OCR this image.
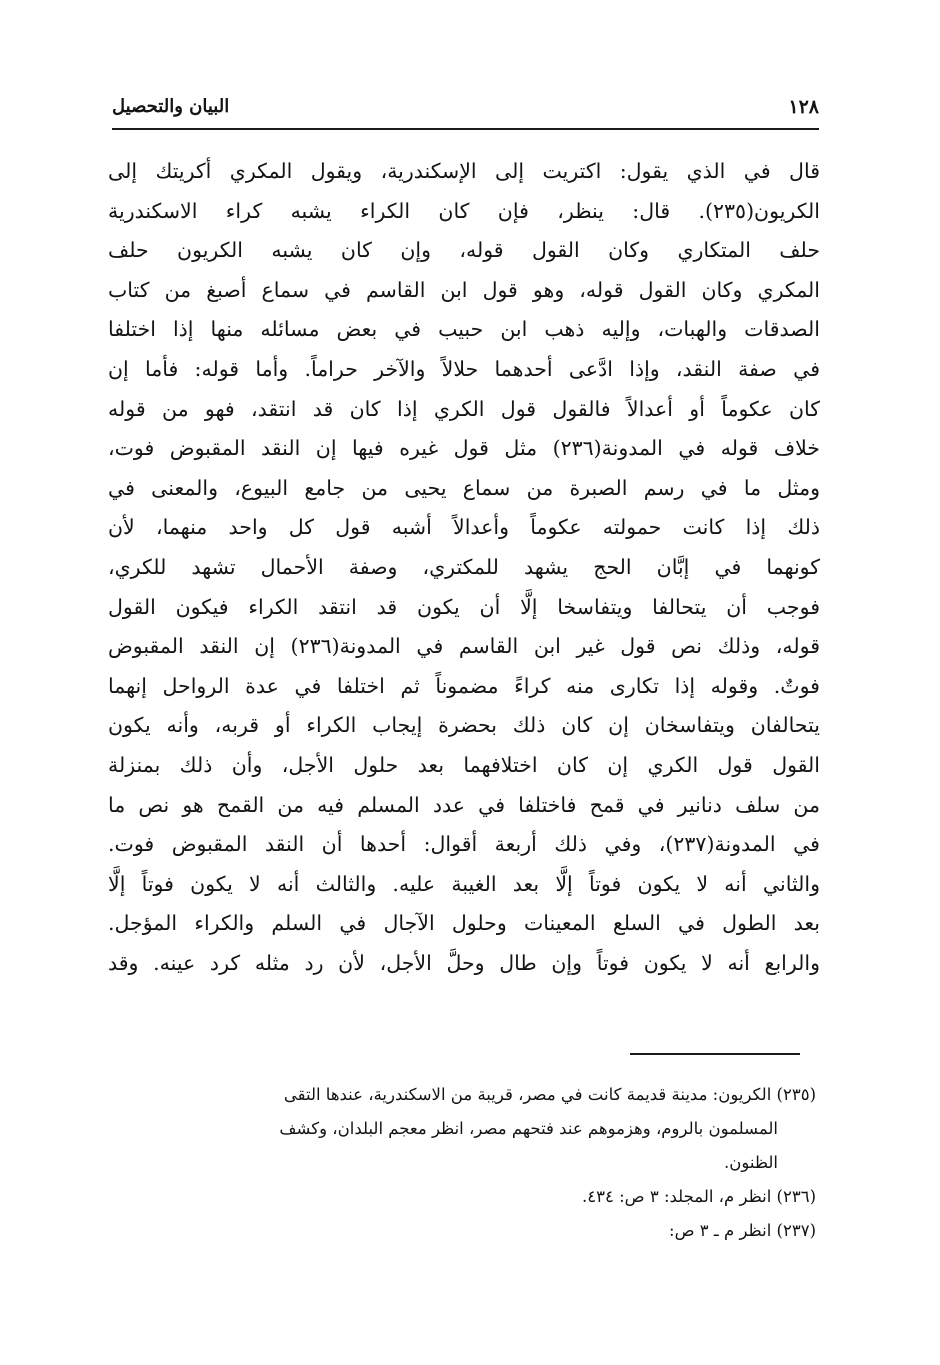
البيان والتحصيل	١٢٨
قال في الذي يقول: اكتريت إلى الإسكندرية، ويقول المكري أكريتك إلى
الكريون(٢٣٥). قال: ينظر، فإن كان الكراء يشبه كراء الاسكندرية
حلف المتكاري وكان القول قوله، وإن كان يشبه الكريون حلف
المكري وكان القول قوله، وهو قول ابن القاسم في سماع أصبغ من كتاب
الصدقات والهبات، وإليه ذهب ابن حبيب في بعض مسائله منها إذا اختلفا
في صفة النقد، وإذا ادَّعى أحدهما حلالاً والآخر حراماً. وأما قوله: فأما إن
كان عكوماً أو أعدالاً فالقول قول الكري إذا كان قد انتقد، فهو من قوله
خلاف قوله في المدونة(٢٣٦) مثل قول غيره فيها إن النقد المقبوض فوت،
ومثل ما في رسم الصبرة من سماع يحيى من جامع البيوع، والمعنى في
ذلك إذا كانت حمولته عكوماً وأعدالاً أشبه قول كل واحد منهما، لأن
كونهما في إبَّان الحج يشهد للمكتري، وصفة الأحمال تشهد للكري،
فوجب أن يتحالفا ويتفاسخا إلَّا أن يكون قد انتقد الكراء فيكون القول
قوله، وذلك نص قول غير ابن القاسم في المدونة(٢٣٦) إن النقد المقبوض
فوتٌ. وقوله إذا تكارى منه كراءً مضموناً ثم اختلفا في عدة الرواحل إنهما
يتحالفان ويتفاسخان إن كان ذلك بحضرة إيجاب الكراء أو قربه، وأنه يكون
القول قول الكري إن كان اختلافهما بعد حلول الأجل، وأن ذلك بمنزلة
من سلف دنانير في قمح فاختلفا في عدد المسلم فيه من القمح هو نص ما
في المدونة(٢٣٧)، وفي ذلك أربعة أقوال: أحدها أن النقد المقبوض فوت.
والثاني أنه لا يكون فوتاً إلَّا بعد الغيبة عليه. والثالث أنه لا يكون فوتاً إلَّا
بعد الطول في السلع المعينات وحلول الآجال في السلم والكراء المؤجل.
والرابع أنه لا يكون فوتاً وإن طال وحلَّ الأجل، لأن رد مثله كرد عينه. وقد
(٢٣٥) الكريون: مدينة قديمة كانت في مصر، قريبة من الاسكندرية، عندها التقى
المسلمون بالروم، وهزموهم عند فتحهم مصر، انظر معجم البلدان، وكشف
الظنون.
(٢٣٦) انظر م، المجلد: ٣ ص: ٤٣٤.
(٢٣٧) انظر م ـ ٣ ص:
